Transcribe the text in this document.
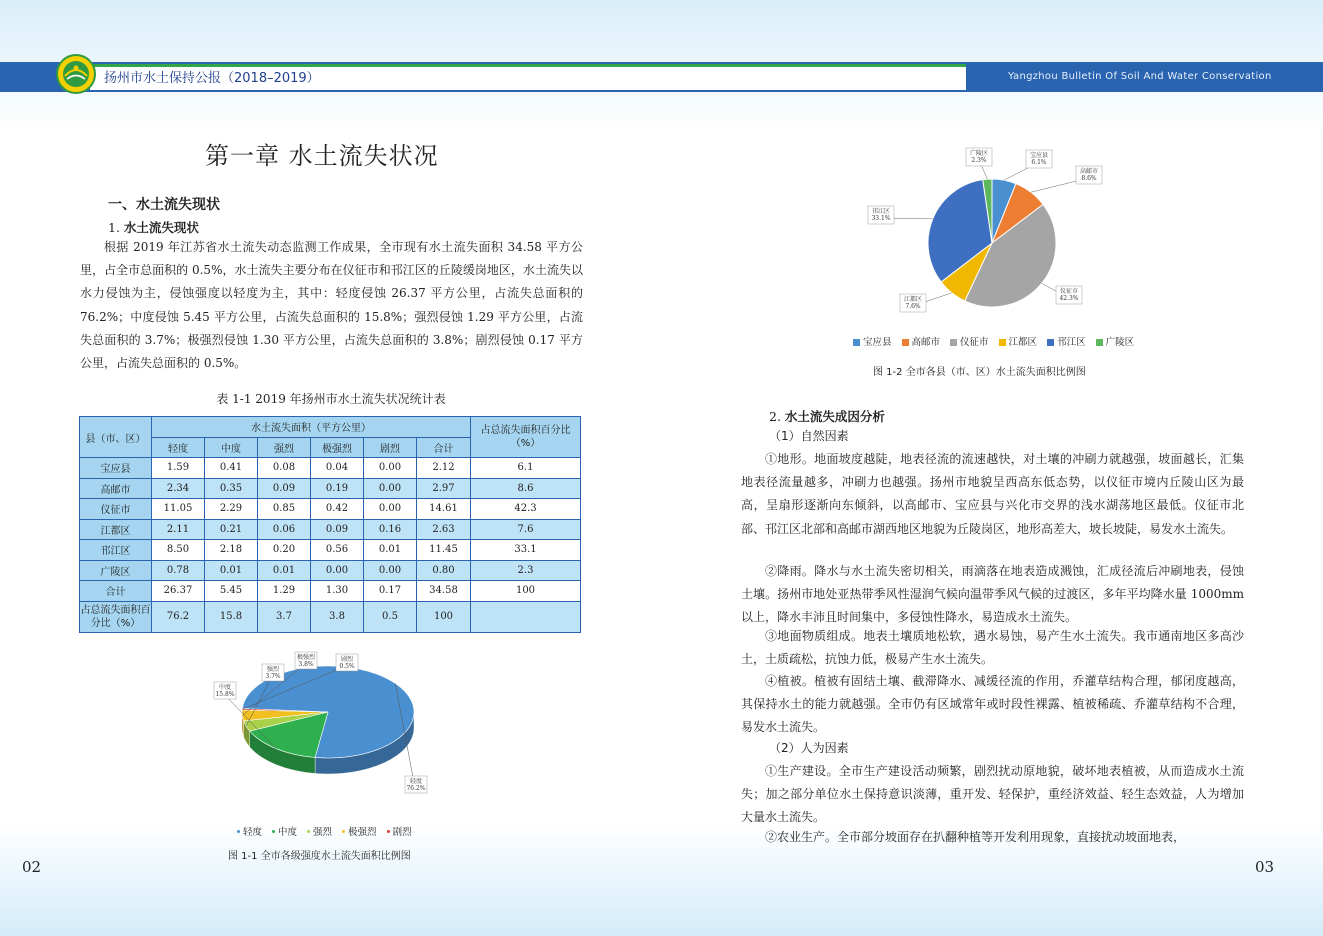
扬州市水土保持公报（2018–2019）	Yangzhou Bulletin Of Soil And Water Conservation
第一章 水土流失状况
一、水土流失现状
1. 水土流失现状
根据 2019 年江苏省水土流失动态监测工作成果，全市现有水土流失面积 34.58 平方公里，占全市总面积的 0.5%，水土流失主要分布在仪征市和邗江区的丘陵缓岗地区，水土流失以水力侵蚀为主，侵蚀强度以轻度为主，其中：轻度侵蚀 26.37 平方公里，占流失总面积的 76.2%；中度侵蚀 5.45 平方公里，占流失总面积的 15.8%；强烈侵蚀 1.29 平方公里，占流失总面积的 3.7%；极强烈侵蚀 1.30 平方公里，占流失总面积的 3.8%；剧烈侵蚀 0.17 平方公里，占流失总面积的 0.5%。
表 1-1 2019 年扬州市水土流失状况统计表
县（市、区）	水土流失面积（平方公里）						占总流失面积百分比（%）
	轻度	中度	强烈	极强烈	剧烈	合计	
宝应县	1.59	0.41	0.08	0.04	0.00	2.12	6.1
高邮市	2.34	0.35	0.09	0.19	0.00	2.97	8.6
仪征市	11.05	2.29	0.85	0.42	0.00	14.61	42.3
江都区	2.11	0.21	0.06	0.09	0.16	2.63	7.6
邗江区	8.50	2.18	0.20	0.56	0.01	11.45	33.1
广陵区	0.78	0.01	0.01	0.00	0.00	0.80	2.3
合计	26.37	5.45	1.29	1.30	0.17	34.58	100
占总流失面积百分比（%）	76.2	15.8	3.7	3.8	0.5	100	
轻度
76.2%
中度
15.8%
强烈
3.7%
极强烈
3.8%
剧烈
0.5%
轻度	中度	强烈	极强烈	剧烈
图 1-1 全市各级强度水土流失面积比例图
02
宝应县
6.1%
高邮市
8.6%
仪征市
42.3%
江都区
7.6%
邗江区
33.1%
广陵区
2.3%
宝应县	高邮市	仪征市	江都区	邗江区	广陵区
图 1-2 全市各县（市、区）水土流失面积比例图
2. 水土流失成因分析
（1）自然因素
①地形。地面坡度越陡，地表径流的流速越快，对土壤的冲刷力就越强，坡面越长，汇集地表径流量越多，冲刷力也越强。扬州市地貌呈西高东低态势，以仪征市境内丘陵山区为最高，呈扇形逐渐向东倾斜，以高邮市、宝应县与兴化市交界的浅水湖荡地区最低。仪征市北部、邗江区北部和高邮市湖西地区地貌为丘陵岗区，地形高差大，坡长坡陡，易发水土流失。
②降雨。降水与水土流失密切相关，雨滴落在地表造成溅蚀，汇成径流后冲刷地表，侵蚀土壤。扬州市地处亚热带季风性湿润气候向温带季风气候的过渡区，多年平均降水量 1000mm 以上，降水丰沛且时间集中，多侵蚀性降水，易造成水土流失。
③地面物质组成。地表土壤质地松软，遇水易蚀，易产生水土流失。我市通南地区多高沙土，土质疏松，抗蚀力低，极易产生水土流失。
④植被。植被有固结土壤、截滞降水、减缓径流的作用，乔灌草结构合理，郁闭度越高，其保持水土的能力就越强。全市仍有区域常年或时段性裸露、植被稀疏、乔灌草结构不合理，易发水土流失。
（2）人为因素
①生产建设。全市生产建设活动频繁，剧烈扰动原地貌，破坏地表植被，从而造成水土流失；加之部分单位水土保持意识淡薄，重开发、轻保护，重经济效益、轻生态效益，人为增加大量水土流失。
②农业生产。全市部分坡面存在扒翻种植等开发利用现象，直接扰动坡面地表，
03
